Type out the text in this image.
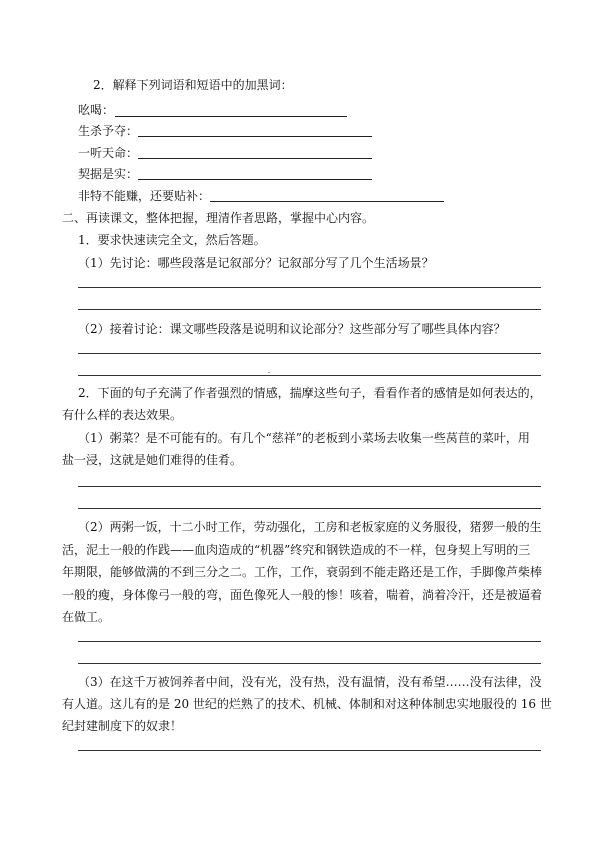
2．解释下列词语和短语中的加黑词：
吆喝：
生杀予夺：
一听天命：
契据是实：
非特不能赚，还要贴补：
二、再读课文，整体把握，理清作者思路，掌握中心内容。
1．要求快速读完全文，然后答题。
（1）先讨论：哪些段落是记叙部分？记叙部分写了几个生活场景？
（2）接着讨论：课文哪些段落是说明和议论部分？这些部分写了哪些具体内容？
2．下面的句子充满了作者强烈的情感，揣摩这些句子，看看作者的感情是如何表达的，
有什么样的表达效果。
（1）粥菜？是不可能有的。有几个“慈祥”的老板到小菜场去收集一些莴苣的菜叶，用
盐一浸，这就是她们难得的佳肴。
（2）两粥一饭，十二小时工作，劳动强化，工房和老板家庭的义务服役，猪猡一般的生
活，泥土一般的作践——血肉造成的“机器”终究和钢铁造成的不一样，包身契上写明的三
年期限，能够做满的不到三分之二。工作，工作，衰弱到不能走路还是工作，手脚像芦柴棒
一般的瘦，身体像弓一般的弯，面色像死人一般的惨！咳着，喘着，淌着冷汗，还是被逼着
在做工。
（3）在这千万被饲养者中间，没有光，没有热，没有温情，没有希望……没有法律，没
有人道。这儿有的是 20 世纪的烂熟了的技术、机械、体制和对这种体制忠实地服役的 16 世
纪封建制度下的奴隶！
